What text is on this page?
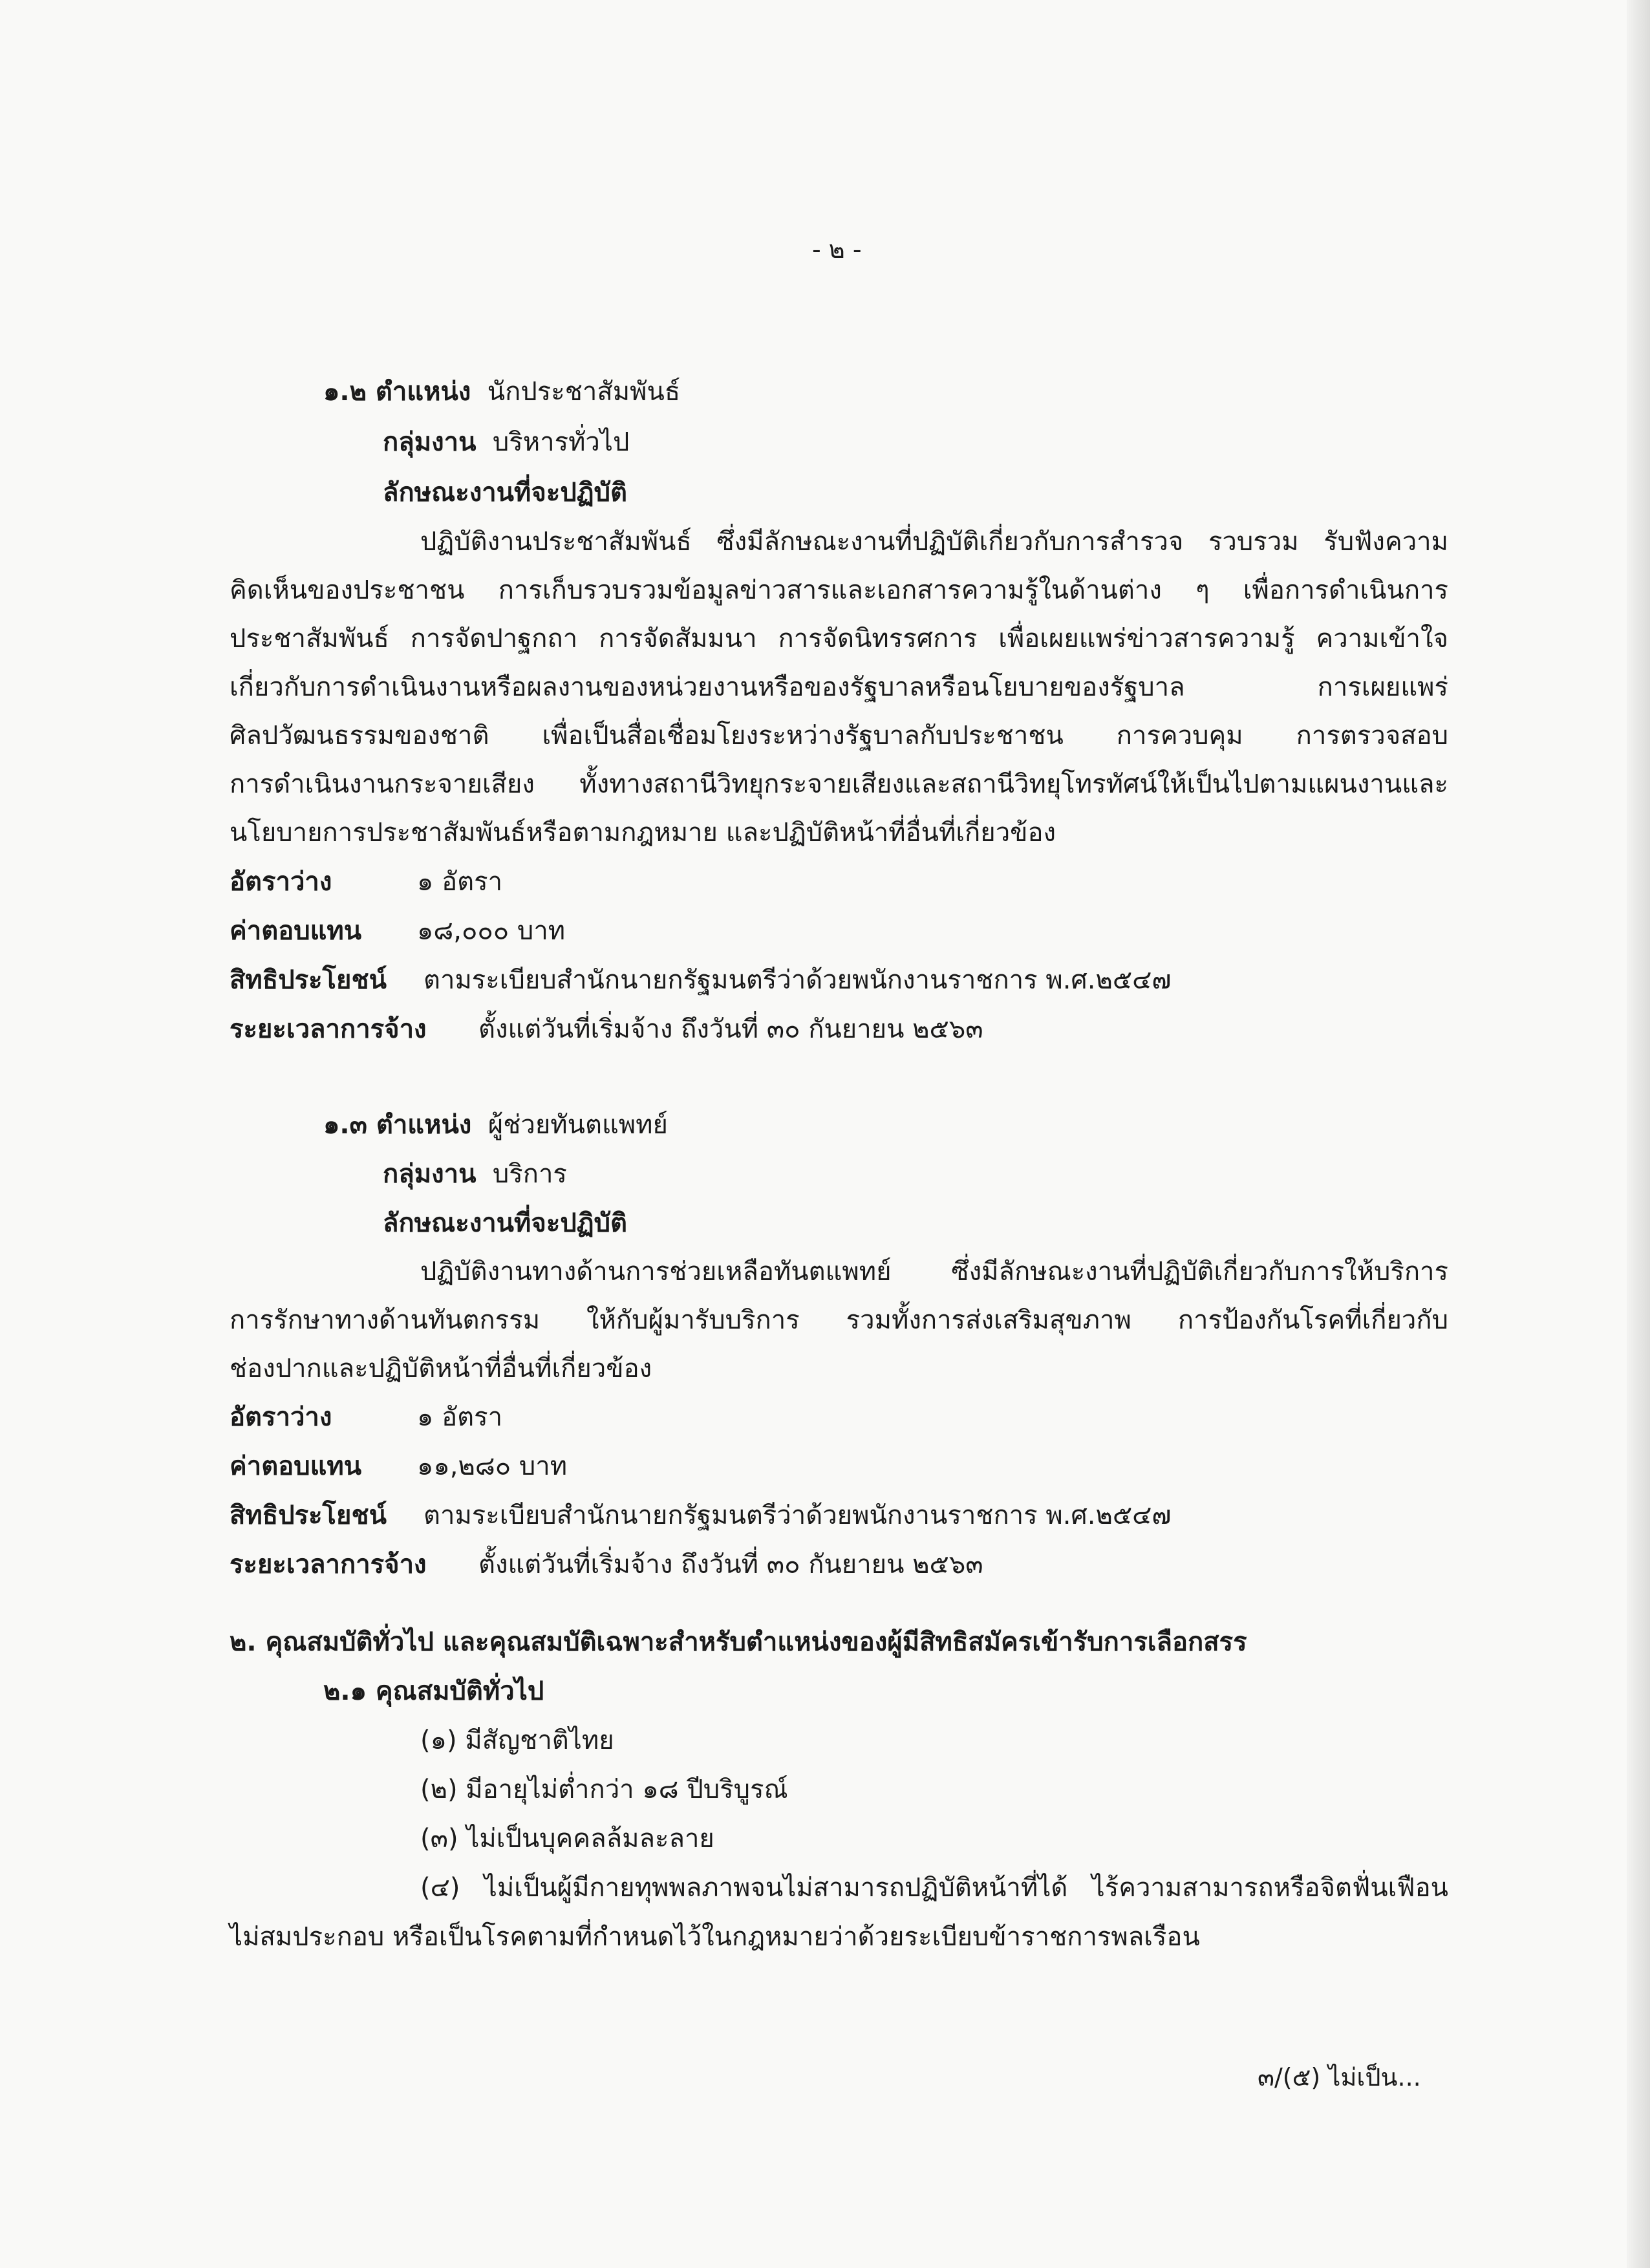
- ๒ -
๑.๒ ตำแหน่ง นักประชาสัมพันธ์
กลุ่มงาน บริหารทั่วไป
ลักษณะงานที่จะปฏิบัติ
ปฏิบัติงานประชาสัมพันธ์ ซึ่งมีลักษณะงานที่ปฏิบัติเกี่ยวกับการสำรวจ รวบรวม รับฟังความ
คิดเห็นของประชาชน การเก็บรวบรวมข้อมูลข่าวสารและเอกสารความรู้ในด้านต่าง ๆ เพื่อการดำเนินการ
ประชาสัมพันธ์ การจัดปาฐกถา การจัดสัมมนา การจัดนิทรรศการ เพื่อเผยแพร่ข่าวสารความรู้ ความเข้าใจ
เกี่ยวกับการดำเนินงานหรือผลงานของหน่วยงานหรือของรัฐบาลหรือนโยบายของรัฐบาล การเผยแพร่
ศิลปวัฒนธรรมของชาติ เพื่อเป็นสื่อเชื่อมโยงระหว่างรัฐบาลกับประชาชน การควบคุม การตรวจสอบ
การดำเนินงานกระจายเสียง ทั้งทางสถานีวิทยุกระจายเสียงและสถานีวิทยุโทรทัศน์ให้เป็นไปตามแผนงานและ
นโยบายการประชาสัมพันธ์หรือตามกฎหมาย และปฏิบัติหน้าที่อื่นที่เกี่ยวข้อง
อัตราว่าง	๑ อัตรา
ค่าตอบแทน ๑๘,๐๐๐ บาท
สิทธิประโยชน์ ตามระเบียบสำนักนายกรัฐมนตรีว่าด้วยพนักงานราชการ พ.ศ.๒๕๔๗
ระยะเวลาการจ้าง ตั้งแต่วันที่เริ่มจ้าง ถึงวันที่ ๓๐ กันยายน ๒๕๖๓
๑.๓ ตำแหน่ง ผู้ช่วยทันตแพทย์
กลุ่มงาน บริการ
ลักษณะงานที่จะปฏิบัติ
ปฏิบัติงานทางด้านการช่วยเหลือทันตแพทย์ ซึ่งมีลักษณะงานที่ปฏิบัติเกี่ยวกับการให้บริการ
การรักษาทางด้านทันตกรรม ให้กับผู้มารับบริการ รวมทั้งการส่งเสริมสุขภาพ การป้องกันโรคที่เกี่ยวกับ
ช่องปากและปฏิบัติหน้าที่อื่นที่เกี่ยวข้อง
อัตราว่าง	๑ อัตรา
ค่าตอบแทน ๑๑,๒๘๐ บาท
สิทธิประโยชน์ ตามระเบียบสำนักนายกรัฐมนตรีว่าด้วยพนักงานราชการ พ.ศ.๒๕๔๗
ระยะเวลาการจ้าง ตั้งแต่วันที่เริ่มจ้าง ถึงวันที่ ๓๐ กันยายน ๒๕๖๓
๒. คุณสมบัติทั่วไป และคุณสมบัติเฉพาะสำหรับตำแหน่งของผู้มีสิทธิสมัครเข้ารับการเลือกสรร
๒.๑ คุณสมบัติทั่วไป
(๑) มีสัญชาติไทย
(๒) มีอายุไม่ต่ำกว่า ๑๘ ปีบริบูรณ์
(๓) ไม่เป็นบุคคลล้มละลาย
(๔) ไม่เป็นผู้มีกายทุพพลภาพจนไม่สามารถปฏิบัติหน้าที่ได้ ไร้ความสามารถหรือจิตฟั่นเฟือน
ไม่สมประกอบ หรือเป็นโรคตามที่กำหนดไว้ในกฎหมายว่าด้วยระเบียบข้าราชการพลเรือน
๓/(๕) ไม่เป็น...
